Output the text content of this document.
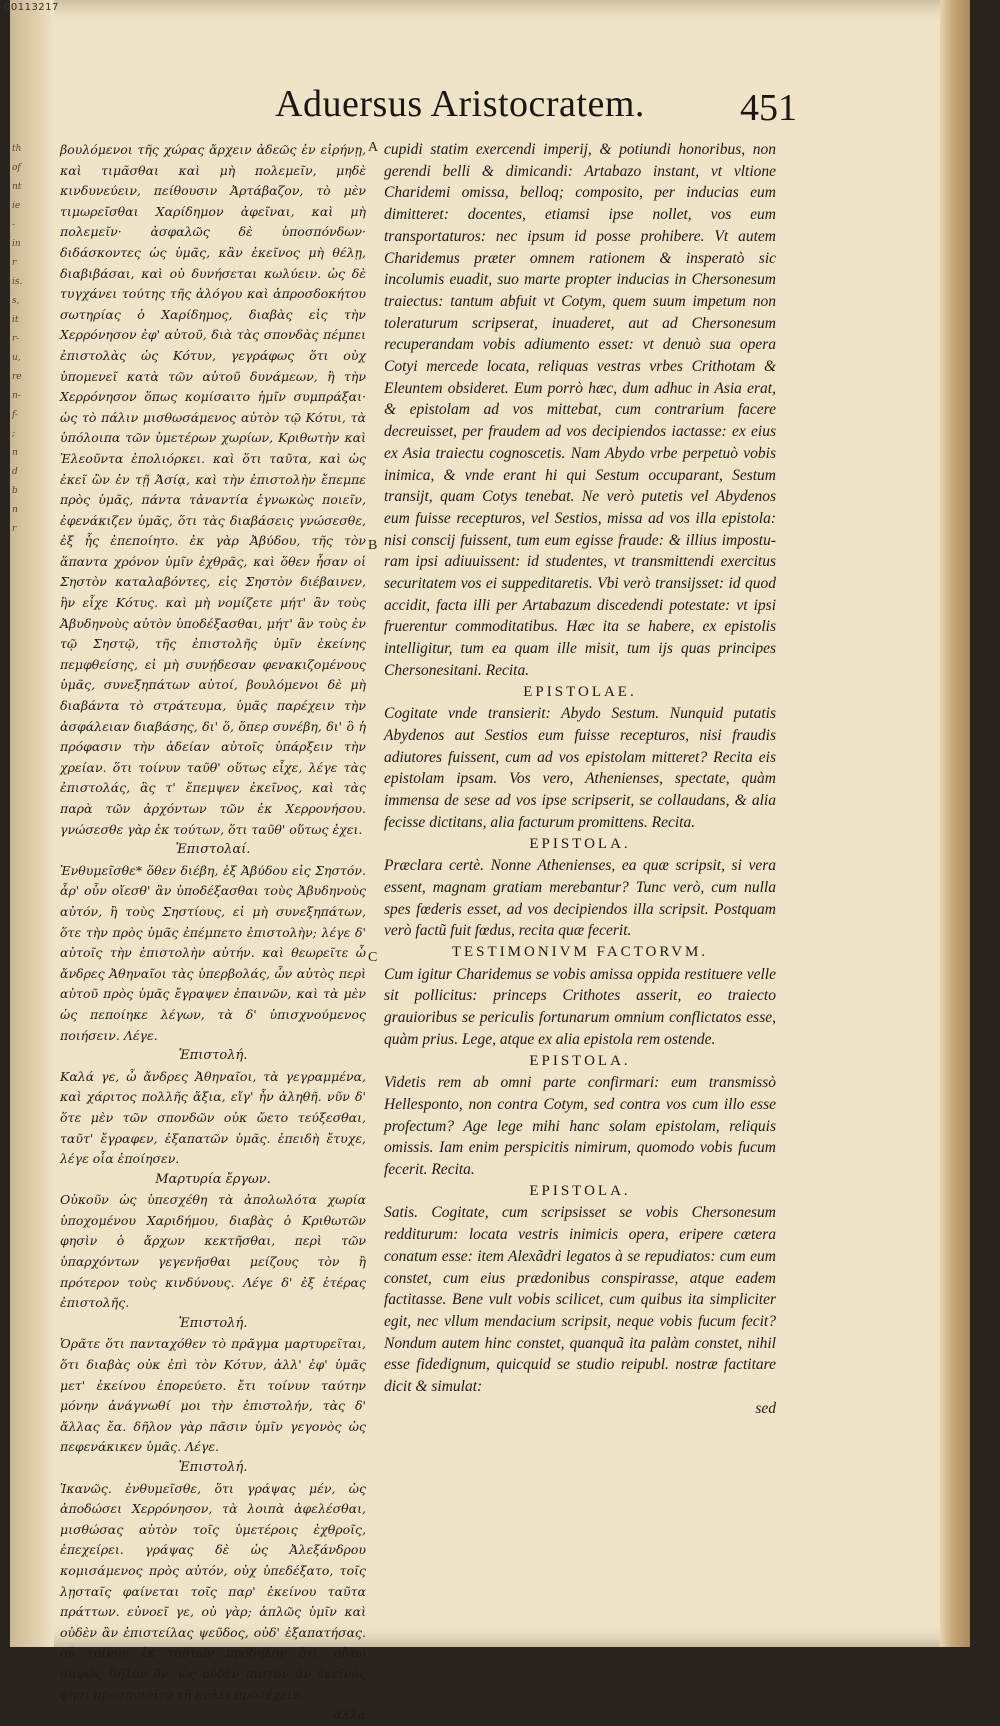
th
of
nt
ie
-
in
r
is.
s,
it
r-
u,
re
n-
f-
;
n
d
b
n
r
00113217
Aduersus Aristocratem.	451
A
B
C

βουλόμενοι τῆς χώρας ἄρχειν ἀδεῶς ἐν εἰρήνῃ, καὶ τιμᾶσθαι καὶ μὴ πολεμεῖν, μηδὲ κινδυνεύειν, πείθουσιν Ἀρτάβαζον, τὸ μὲν τιμωρεῖσθαι Χαρίδημον ἀφεῖναι, καὶ μὴ πολεμεῖν· ἀσφαλῶς δὲ ὑποσπόνδων· διδάσκοντες ὡς ὑμᾶς, κἂν ἐκεῖνος μὴ θέλῃ, διαβιβάσαι, καὶ οὐ δυνήσεται κωλύειν. ὡς δὲ τυγχάνει τούτης τῆς ἀλόγου καὶ ἀπροσδοκήτου σωτηρίας ὁ Χαρίδημος, διαβὰς εἰς τὴν Χερρόνησον ἐφ' αὑτοῦ, διὰ τὰς σπονδὰς πέμπει ἐπιστολὰς ὡς Κότυν, γεγράφως ὅτι οὐχ ὑπομενεῖ κατὰ τῶν αὐτοῦ δυνάμεων, ἢ τὴν Χερρόνησον ὅπως κομίσαιτο ἡμῖν συμπράξαι· ὡς τὸ πάλιν μισθωσάμενος αὐτὸν τῷ Κότυι, τὰ ὑπόλοιπα τῶν ὑμετέρων χωρίων, Κριθωτὴν καὶ Ἐλεοῦντα ἐπολιόρκει. καὶ ὅτι ταῦτα, καὶ ὡς ἐκεῖ ὢν ἐν τῇ Ἀσίᾳ, καὶ τὴν ἐπιστολὴν ἔπεμπε πρὸς ὑμᾶς, πάντα τἀναντία ἐγνωκὼς ποιεῖν, ἐφενάκιζεν ὑμᾶς, ὅτι τὰς διαβάσεις γνώσεσθε, ἐξ ἧς ἐπεποίητο. ἐκ γὰρ Ἀβύδου, τῆς τὸν ἅπαντα χρόνον ὑμῖν ἐχθρᾶς, καὶ ὅθεν ἦσαν οἱ Σηστὸν καταλαβόντες, εἰς Σηστὸν διέβαινεν, ἣν εἶχε Κότυς. καὶ μὴ νομίζετε μήτ' ἂν τοὺς Ἀβυδηνοὺς αὐτὸν ὑποδέξασθαι, μήτ' ἂν τοὺς ἐν τῷ Σηστῷ, τῆς ἐπιστολῆς ὑμῖν ἐκείνης πεμφθείσης, εἰ μὴ συνῄδεσαν φενακιζομένους ὑμᾶς, συνεξηπάτων αὐτοί, βουλόμενοι δὲ μὴ διαβάντα τὸ στράτευμα, ὑμᾶς παρέχειν τὴν ἀσφάλειαν διαβάσης, δι' ὅ, ὅπερ συνέβη, δι' ὃ ἡ πρόφασιν τὴν ἀδείαν αὐτοῖς ὑπάρξειν τὴν χρείαν. ὅτι τοίνυν ταῦθ' οὕτως εἶχε, λέγε τὰς ἐπιστολάς, ἃς τ' ἔπεμψεν ἐκεῖνος, καὶ τὰς παρὰ τῶν ἀρχόντων τῶν ἐκ Χερρονήσου. γνώσεσθε γὰρ ἐκ τούτων, ὅτι ταῦθ' οὕτως ἐχει.

Ἐπιστολαί.

Ἐνθυμεῖσθε* ὅθεν διέβη, ἐξ Ἀβύδου εἰς Σηστόν. ἆρ' οὖν οἴεσθ' ἂν ὑποδέξασθαι τοὺς Ἀβυδηνοὺς αὐτόν, ἢ τοὺς Σηστίους, εἰ μὴ συνεξηπάτων, ὅτε τὴν πρὸς ὑμᾶς ἐπέμπετο ἐπιστολὴν; λέγε δ' αὐτοῖς τὴν ἐπιστολὴν αὐτήν. καὶ θεωρεῖτε ὦ ἄνδρες Ἀθηναῖοι τὰς ὑπερβολάς, ὧν αὐτὸς περὶ αὑτοῦ πρὸς ὑμᾶς ἔγραψεν ἐπαινῶν, καὶ τὰ μὲν ὡς πεποίηκε λέγων, τὰ δ' ὑπισχνούμενος ποιήσειν. Λέγε.

Ἐπιστολή.

Καλά γε, ὦ ἄνδρες Ἀθηναῖοι, τὰ γεγραμμένα, καὶ χάριτος πολλῆς ἄξια, εἴγ' ἦν ἀληθῆ. νῦν δ' ὅτε μὲν τῶν σπονδῶν οὐκ ὤετο τεύξεσθαι, ταῦτ' ἔγραφεν, ἐξαπατῶν ὑμᾶς. ἐπειδὴ ἔτυχε, λέγε οἷα ἐποίησεν.

Μαρτυρία ἔργων.

Οὐκοῦν ὡς ὑπεσχέθη τὰ ἀπολωλότα χωρία ὑποχομένου Χαριδήμου, διαβὰς ὁ Κριθωτῶν φησὶν ὁ ἄρχων κεκτῆσθαι, περὶ τῶν ὑπαρχόντων γεγενῆσθαι μείζους τὸν ἢ πρότερον τοὺς κινδύνους. Λέγε δ' ἐξ ἑτέρας ἐπιστολῆς.

Ἐπιστολή.

Ὁρᾶτε ὅτι πανταχόθεν τὸ πρᾶγμα μαρτυρεῖται, ὅτι διαβὰς οὐκ ἐπὶ τὸν Κότυν, ἀλλ' ἐφ' ὑμᾶς μετ' ἐκείνου ἐπορεύετο. ἔτι τοίνυν ταύτην μόνην ἀνάγνωθί μοι τὴν ἐπιστολήν, τὰς δ' ἄλλας ἔα. δῆλον γὰρ πᾶσιν ὑμῖν γεγονὸς ὡς πεφενάκικεν ὑμᾶς. Λέγε.

Ἐπιστολή.

Ἱκανῶς. ἐνθυμεῖσθε, ὅτι γράψας μέν, ὡς ἀποδώσει Χερρόνησον, τὰ λοιπὰ ἀφελέσθαι, μισθώσας αὑτὸν τοῖς ὑμετέροις ἐχθροῖς, ἐπεχείρει. γράψας δὲ ὡς Ἀλεξάνδρου κομισάμενος πρὸς αὐτόν, οὐχ ὑπεδέξατο, τοῖς λῃσταῖς φαίνεται τοῖς παρ' ἐκείνου ταῦτα πράττων. εὐνοεῖ γε, οὐ γὰρ; ἁπλῶς ὑμῖν καὶ οὐδὲν ἂν ἐπιστείλας ψεῦδος, οὐδ' ἐξαπατήσας. οὐ τοίνυν ἐκ τούτων πρόδηλον ὅτι, οὕτω σαφῶς δῆλον ὄν, ὡς οὐδὲν πιστὸν ἂν ἐκεῖνός φησι προσποιοῖτο τῇ πόλει προσέχειν.

ἀλλὰ

cupidi statim exercendi imperij, & potiundi honoribus, non gerendi belli & dimicandi: Artabazo instant, vt vltione Charidemi omissa, belloq; composito, per inducias eum dimitteret: docentes, etiamsi ipse nollet, vos eum transportaturos: nec ipsum id posse prohibere. Vt autem Charidemus præter omnem rationem & insperatò sic incolumis euadit, suo marte propter inducias in Chersonesum traiectus: tantum abfuit vt Cotym, quem suum impetum non toleraturum scripserat, inuaderet, aut ad Chersonesum recuperandam vobis adiumento esset: vt denuò sua opera Cotyi mercede locata, reliquas vestras vrbes Crithotam & Eleuntem obsideret. Eum porrò hæc, dum adhuc in Asia erat, & epistolam ad vos mittebat, cum contrarium facere decreuisset, per fraudem ad vos decipiendos iactasse: ex eius ex Asia traiectu cognoscetis. Nam Abydo vrbe perpetuò vobis inimica, & vnde erant hi qui Sestum occuparant, Sestum transijt, quam Cotys tenebat. Ne verò putetis vel Abydenos eum fuisse recepturos, vel Sestios, missa ad vos illa epistola: nisi conscij fuissent, tum eum egisse fraude: & illius imposturam ipsi adiuuissent: id studentes, vt transmittendi exercitus securitatem vos ei suppeditaretis. Vbi verò transijsset: id quod accidit, facta illi per Artabazum discedendi potestate: vt ipsi fruerentur commoditatibus. Hæc ita se habere, ex epistolis intelligitur, tum ea quam ille misit, tum ijs quas principes Chersonesitani. Recita.

EPISTOLAE.

Cogitate vnde transierit: Abydo Sestum. Nunquid putatis Abydenos aut Sestios eum fuisse recepturos, nisi fraudis adiutores fuissent, cum ad vos epistolam mitteret? Recita eis epistolam ipsam. Vos vero, Athenienses, spectate, quàm immensa de sese ad vos ipse scripserit, se collaudans, & alia fecisse dictitans, alia facturum promittens. Recita.

EPISTOLA.

Præclara certè. Nonne Athenienses, ea quæ scripsit, si vera essent, magnam gratiam merebantur? Tunc verò, cum nulla spes fœderis esset, ad vos decipiendos illa scripsit. Postquam verò factũ fuit fœdus, recita quæ fecerit.

TESTIMONIVM FACTORVM.

Cum igitur Charidemus se vobis amissa oppida restituere velle sit pollicitus: princeps Crithotes asserit, eo traiecto grauioribus se periculis fortunarum omnium conflictatos esse, quàm prius. Lege, atque ex alia epistola rem ostende.

EPISTOLA.

Videtis rem ab omni parte confirmari: eum transmissò Hellesponto, non contra Cotym, sed contra vos cum illo esse profectum? Age lege mihi hanc solam epistolam, reliquis omissis. Iam enim perspicitis nimirum, quomodo vobis fucum fecerit. Recita.

EPISTOLA.

Satis. Cogitate, cum scripsisset se vobis Chersonesum redditurum: locata vestris inimicis opera, eripere cætera conatum esse: item Alexãdri legatos à se repudiatos: cum eum constet, cum eius prædonibus conspirasse, atque eadem factitasse. Bene vult vobis scilicet, cum quibus ita simpliciter egit, nec vllum mendacium scripsit, neque vobis fucum fecit? Nondum autem hinc constet, quanquã ita palàm constet, nihil esse fidedignum, quicquid se studio reipubl. nostræ factitare dicit & simulat:

sed
